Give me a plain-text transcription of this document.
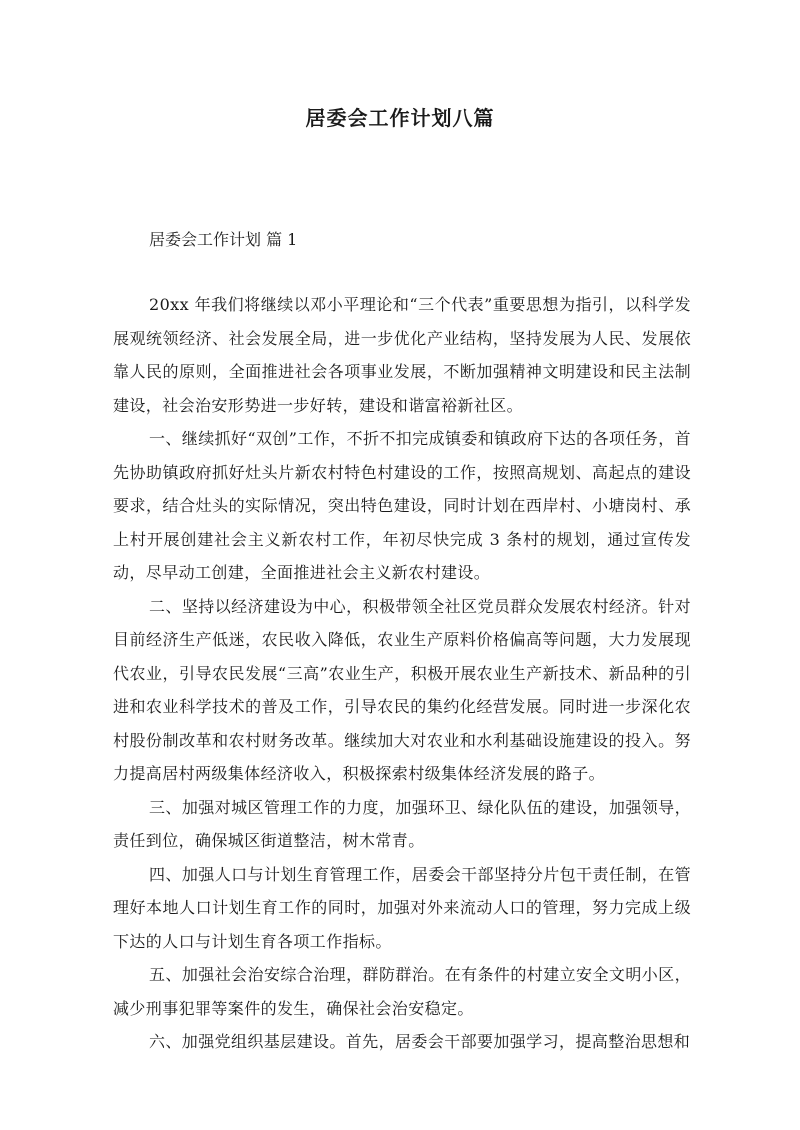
居委会工作计划八篇
居委会工作计划 篇 1

20xx 年我们将继续以邓小平理论和“三个代表”重要思想为指引，以科学发展观统领经济、社会发展全局，进一步优化产业结构，坚持发展为人民、发展依靠人民的原则，全面推进社会各项事业发展，不断加强精神文明建设和民主法制建设，社会治安形势进一步好转，建设和谐富裕新社区。

一、继续抓好“双创”工作，不折不扣完成镇委和镇政府下达的各项任务，首先协助镇政府抓好灶头片新农村特色村建设的工作，按照高规划、高起点的建设要求，结合灶头的实际情况，突出特色建设，同时计划在西岸村、小塘岗村、承上村开展创建社会主义新农村工作，年初尽快完成 3 条村的规划，通过宣传发动，尽早动工创建，全面推进社会主义新农村建设。

二、坚持以经济建设为中心，积极带领全社区党员群众发展农村经济。针对目前经济生产低迷，农民收入降低，农业生产原料价格偏高等问题，大力发展现代农业，引导农民发展“三高”农业生产，积极开展农业生产新技术、新品种的引进和农业科学技术的普及工作，引导农民的集约化经营发展。同时进一步深化农村股份制改革和农村财务改革。继续加大对农业和水利基础设施建设的投入。努力提高居村两级集体经济收入，积极探索村级集体经济发展的路子。

三、加强对城区管理工作的力度，加强环卫、绿化队伍的建设，加强领导，责任到位，确保城区街道整洁，树木常青。

四、加强人口与计划生育管理工作，居委会干部坚持分片包干责任制，在管理好本地人口计划生育工作的同时，加强对外来流动人口的管理，努力完成上级下达的人口与计划生育各项工作指标。

五、加强社会治安综合治理，群防群治。在有条件的村建立安全文明小区，减少刑事犯罪等案件的发生，确保社会治安稳定。

六、加强党组织基层建设。首先，居委会干部要加强学习，提高整治思想和
